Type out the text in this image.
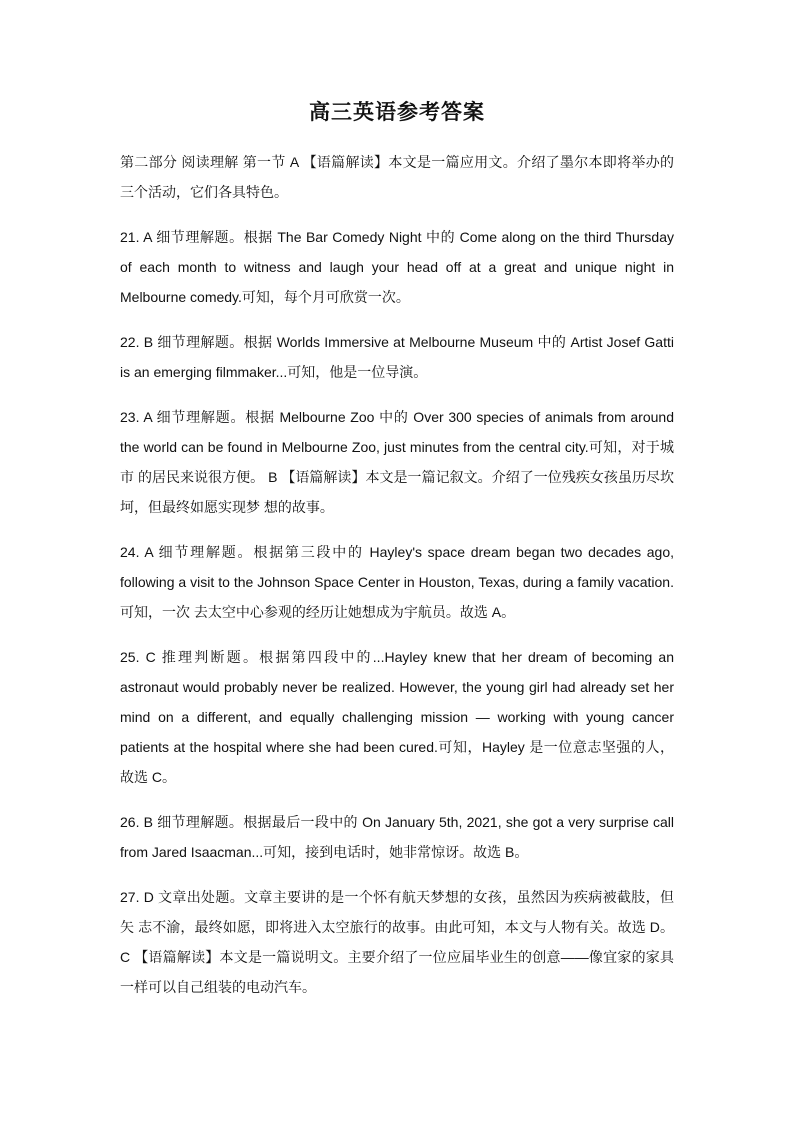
高三英语参考答案

第二部分 阅读理解 第一节 A 【语篇解读】本文是一篇应用文。介绍了墨尔本即将举办的三个活动，它们各具特色。

21. A 细节理解题。根据 The Bar Comedy Night 中的 Come along on the third Thursday of each month to witness and laugh your head off at a great and unique night in Melbourne comedy.可知，每个月可欣赏一次。

22. B 细节理解题。根据 Worlds Immersive at Melbourne Museum 中的 Artist Josef Gatti is an emerging filmmaker...可知，他是一位导演。

23. A 细节理解题。根据 Melbourne Zoo 中的 Over 300 species of animals from around the world can be found in Melbourne Zoo, just minutes from the central city.可知，对于城市 的居民来说很方便。 B 【语篇解读】本文是一篇记叙文。介绍了一位残疾女孩虽历尽坎坷，但最终如愿实现梦 想的故事。

24. A 细节理解题。根据第三段中的 Hayley's space dream began two decades ago, following a visit to the Johnson Space Center in Houston, Texas, during a family vacation.可知，一次 去太空中心参观的经历让她想成为宇航员。故选 A。

25. C 推理判断题。根据第四段中的...Hayley knew that her dream of becoming an astronaut would probably never be realized. However, the young girl had already set her mind on a different, and equally challenging mission — working with young cancer patients at the hospital where she had been cured.可知，Hayley 是一位意志坚强的人，故选 C。

26. B 细节理解题。根据最后一段中的 On January 5th, 2021, she got a very surprise call from Jared Isaacman...可知，接到电话时，她非常惊讶。故选 B。

27. D 文章出处题。文章主要讲的是一个怀有航天梦想的女孩，虽然因为疾病被截肢，但矢 志不渝，最终如愿，即将进入太空旅行的故事。由此可知，本文与人物有关。故选 D。 C 【语篇解读】本文是一篇说明文。主要介绍了一位应届毕业生的创意——像宜家的家具 一样可以自己组装的电动汽车。
